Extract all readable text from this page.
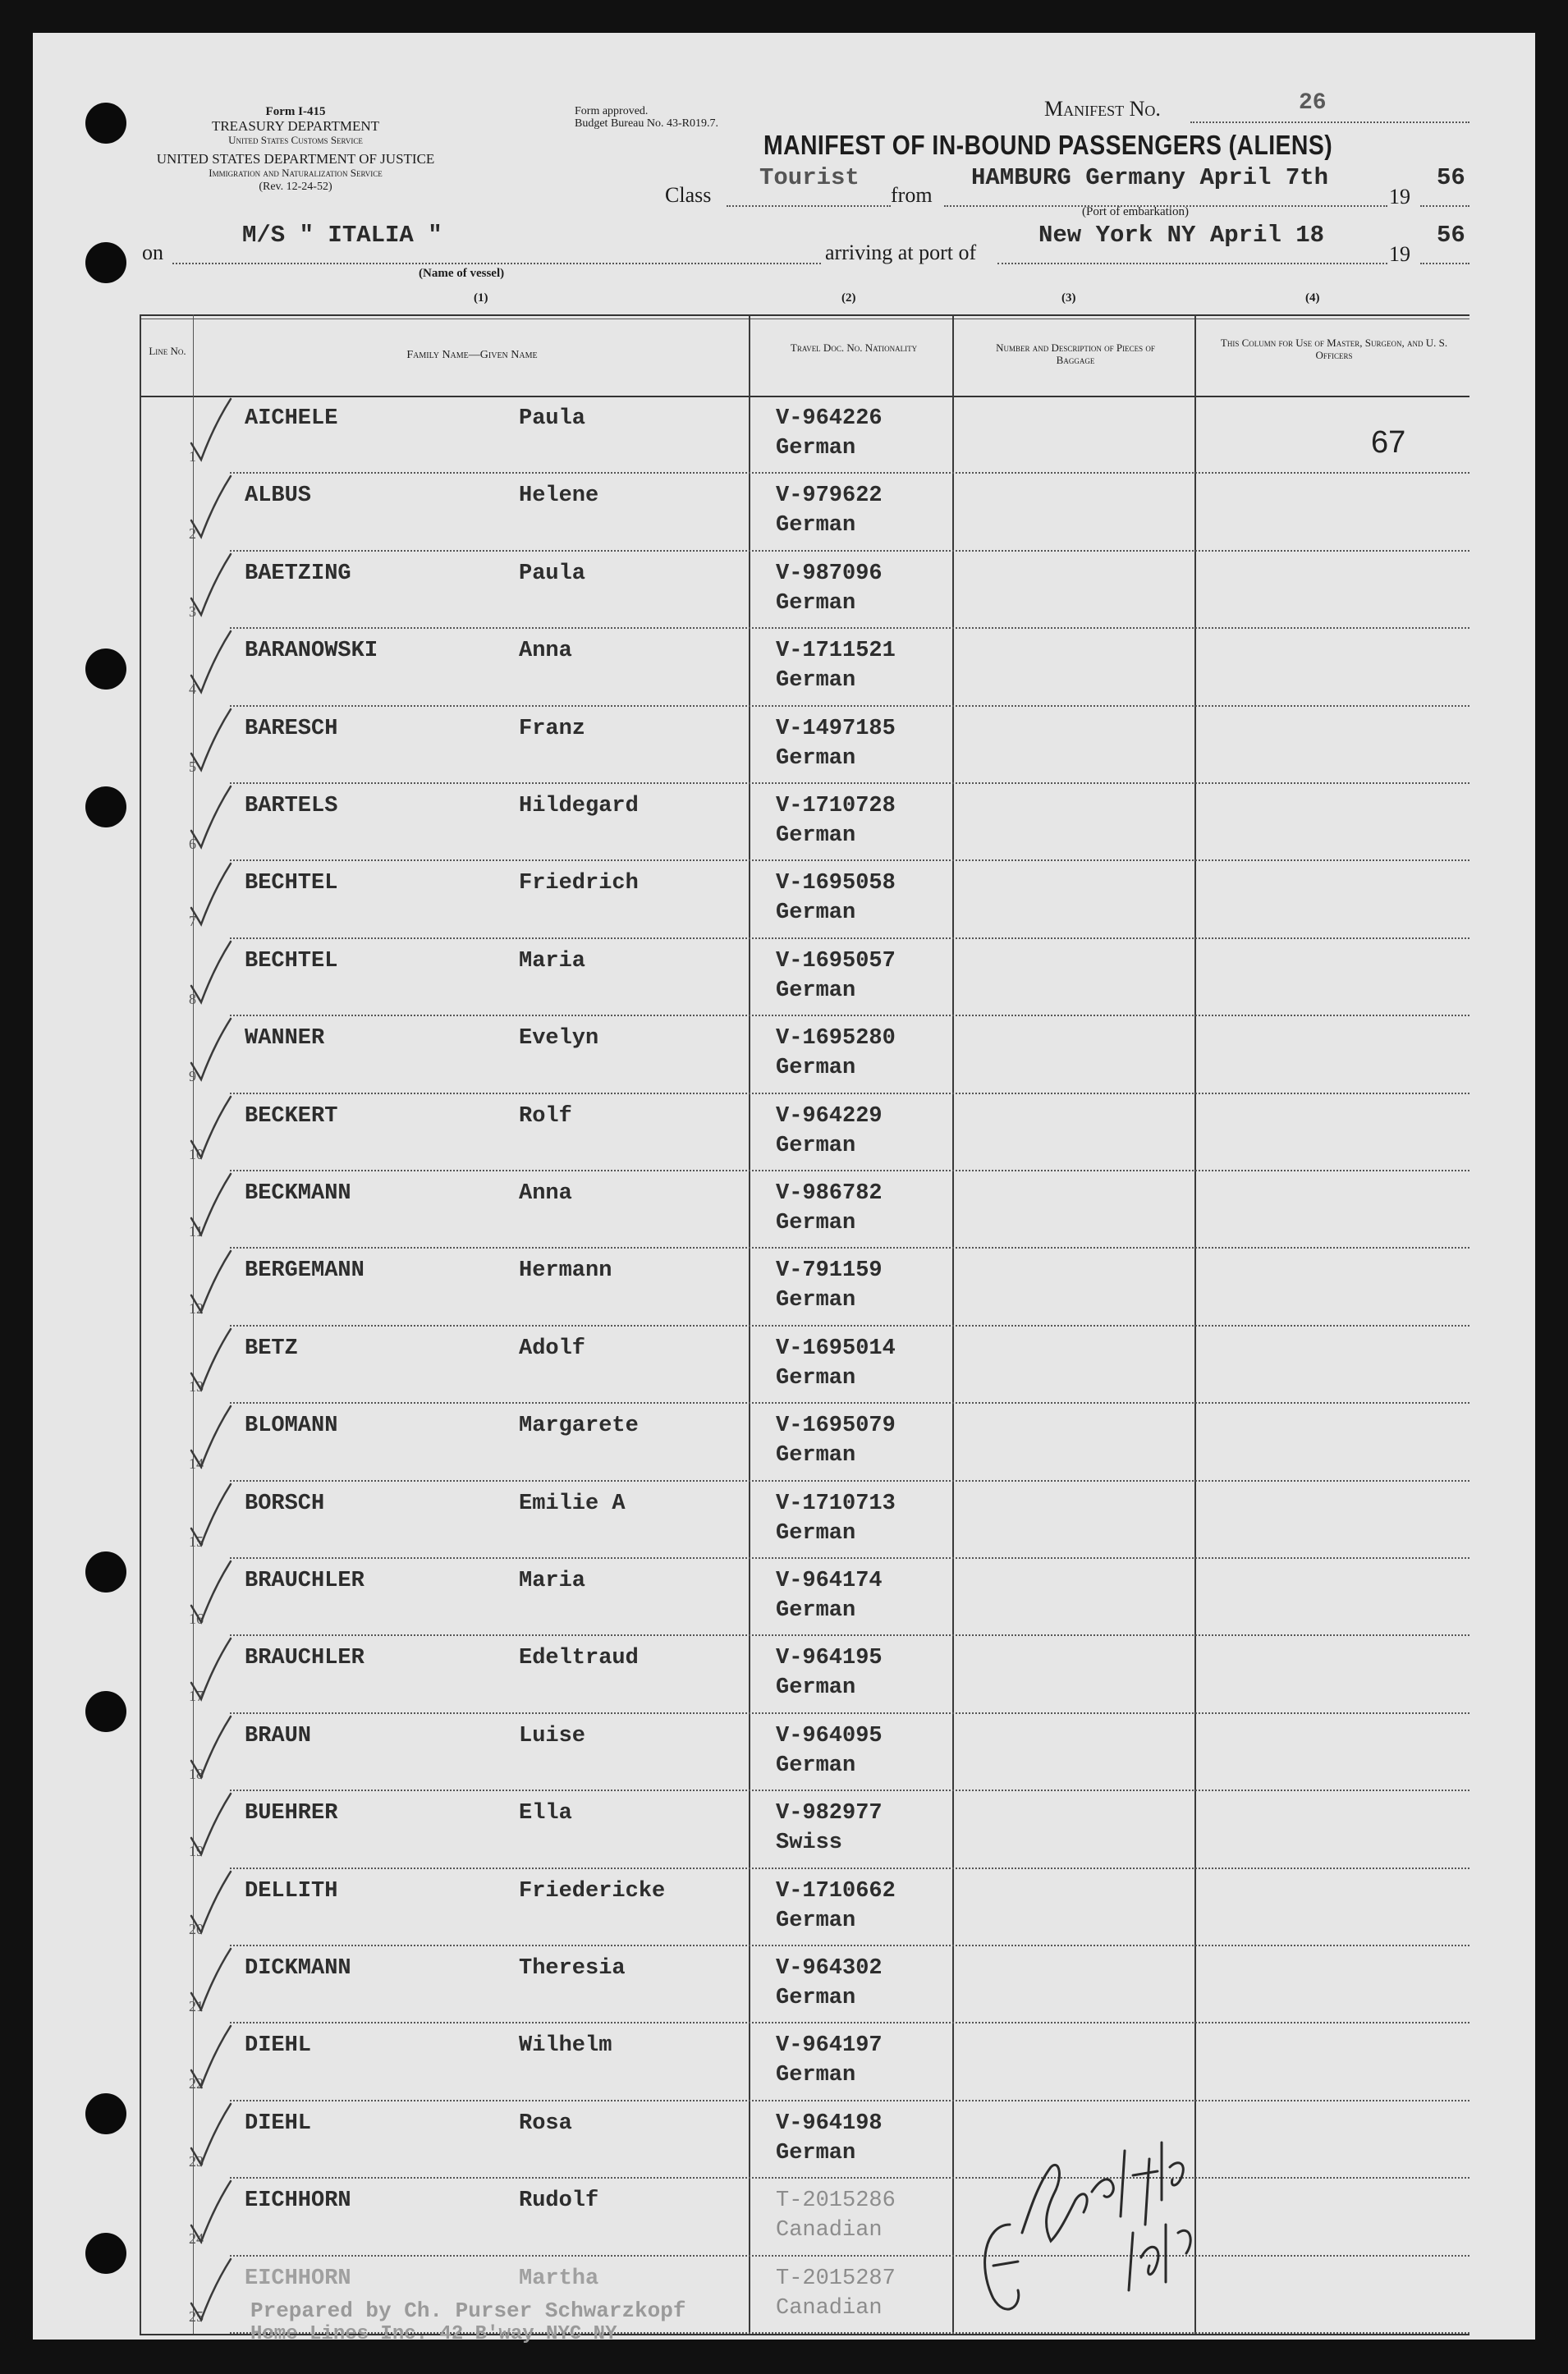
Form I-415
TREASURY DEPARTMENT
United States Customs Service
UNITED STATES DEPARTMENT OF JUSTICE
Immigration and Naturalization Service
(Rev. 12-24-52)
Form approved.
Budget Bureau No. 43-R019.7.
Manifest No.	26
MANIFEST OF IN-BOUND PASSENGERS (ALIENS)
Class
Tourist
from
HAMBURG Germany April 7th
19
56
(Port of embarkation)
on
M/S " ITALIA "
(Name of vessel)
arriving at port of
New York NY April 18
19
56
(1)	(2)	(3)	(4)
Line No.	Family Name—Given Name
Travel Doc. No. Nationality	Number and Description of Pieces of Baggage
This Column for Use of Master, Surgeon, and U. S. Officers
67
AICHELE	Paula	V-964226
German
1
ALBUS	Helene	V-979622
German
2
BAETZING	Paula	V-987096
German
3
BARANOWSKI	Anna	V-1711521
German
4
BARESCH	Franz	V-1497185
German
5
BARTELS	Hildegard	V-1710728
German
6
BECHTEL	Friedrich	V-1695058
German
7
BECHTEL	Maria	V-1695057
German
8
WANNER	Evelyn	V-1695280
German
9
BECKERT	Rolf	V-964229
German
10
BECKMANN	Anna	V-986782
German
11
BERGEMANN	Hermann	V-791159
German
12
BETZ	Adolf	V-1695014
German
13
BLOMANN	Margarete	V-1695079
German
14
BORSCH	Emilie A	V-1710713
German
15
BRAUCHLER	Maria	V-964174
German
16
BRAUCHLER	Edeltraud	V-964195
German
17
BRAUN	Luise	V-964095
German
18
BUEHRER	Ella	V-982977
Swiss
19
DELLITH	Friedericke	V-1710662
German
20
DICKMANN	Theresia	V-964302
German
21
DIEHL	Wilhelm	V-964197
German
22
DIEHL	Rosa	V-964198
German
23
EICHHORN	Rudolf	T-2015286
Canadian
24
EICHHORN	Martha	T-2015287
Canadian
25 Prepared by Ch. Purser Schwarzkopf
Home Lines Inc. 42 B'way NYC NY
